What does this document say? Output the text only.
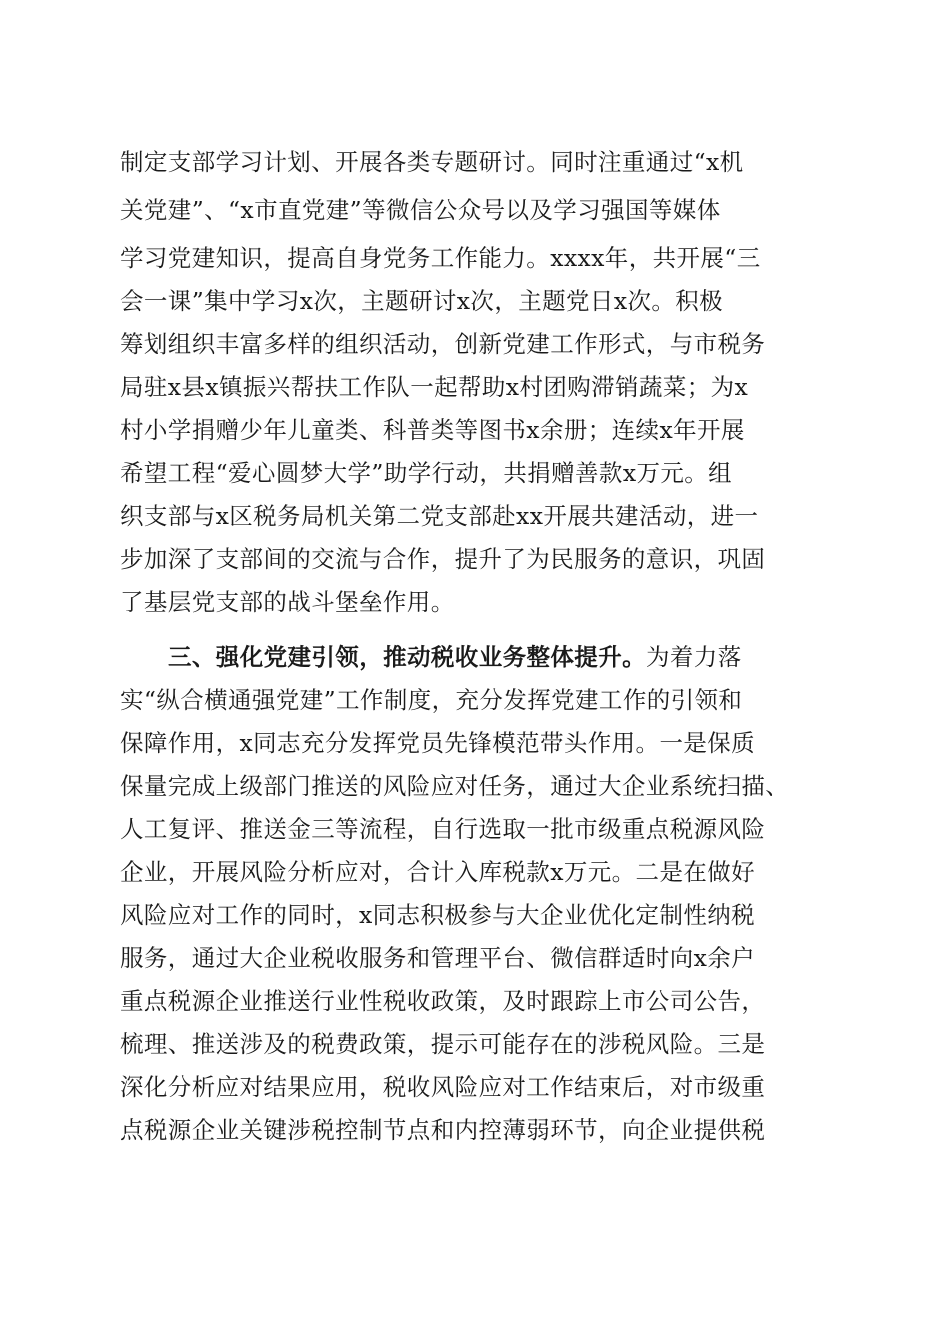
制定支部学习计划、开展各类专题研讨。同时注重通过“x机
关党建”、“x市直党建”等微信公众号以及学习强国等媒体
学习党建知识，提高自身党务工作能力。xxxx年，共开展“三
会一课”集中学习x次，主题研讨x次，主题党日x次。积极
筹划组织丰富多样的组织活动，创新党建工作形式，与市税务
局驻x县x镇振兴帮扶工作队一起帮助x村团购滞销蔬菜；为x
村小学捐赠少年儿童类、科普类等图书x余册；连续x年开展
希望工程“爱心圆梦大学”助学行动，共捐赠善款x万元。组
织支部与x区税务局机关第二党支部赴xx开展共建活动，进一
步加深了支部间的交流与合作，提升了为民服务的意识，巩固
了基层党支部的战斗堡垒作用。
三、强化党建引领，推动税收业务整体提升。为着力落
实“纵合横通强党建”工作制度，充分发挥党建工作的引领和
保障作用，x同志充分发挥党员先锋模范带头作用。一是保质
保量完成上级部门推送的风险应对任务，通过大企业系统扫描、
人工复评、推送金三等流程，自行选取一批市级重点税源风险
企业，开展风险分析应对，合计入库税款x万元。二是在做好
风险应对工作的同时，x同志积极参与大企业优化定制性纳税
服务，通过大企业税收服务和管理平台、微信群适时向x余户
重点税源企业推送行业性税收政策，及时跟踪上市公司公告，
梳理、推送涉及的税费政策，提示可能存在的涉税风险。三是
深化分析应对结果应用，税收风险应对工作结束后，对市级重
点税源企业关键涉税控制节点和内控薄弱环节，向企业提供税
